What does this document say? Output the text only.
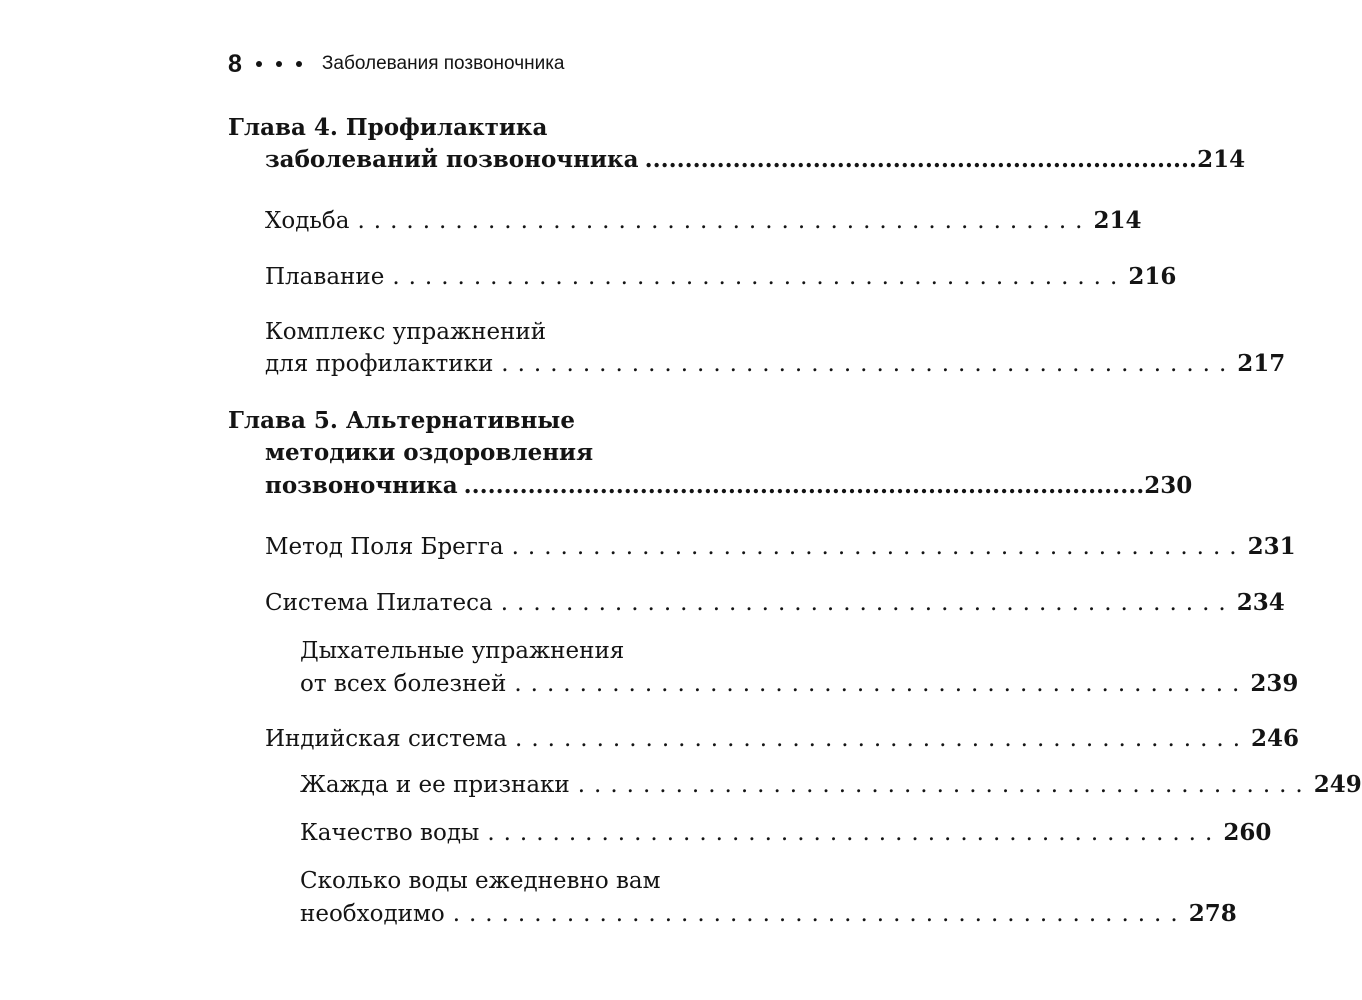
8	Заболевания позвоночника
Глава 4. Профилактика
заболеваний позвоночника ..................................................................... 214
Ходьба ............................................. 214
Плавание ............................................. 216
Комплекс упражнений
для профилактики ............................................. 217
Глава 5. Альтернативные
методики оздоровления
позвоночника ..................................................................................... 230
Метод Поля Брегга ............................................. 231
Система Пилатеса ............................................. 234
Дыхательные упражнения
от всех болезней ............................................. 239
Индийская система ............................................. 246
Жажда и ее признаки ............................................. 249
Качество воды ............................................. 260
Сколько воды ежедневно вам
необходимо ............................................. 278
